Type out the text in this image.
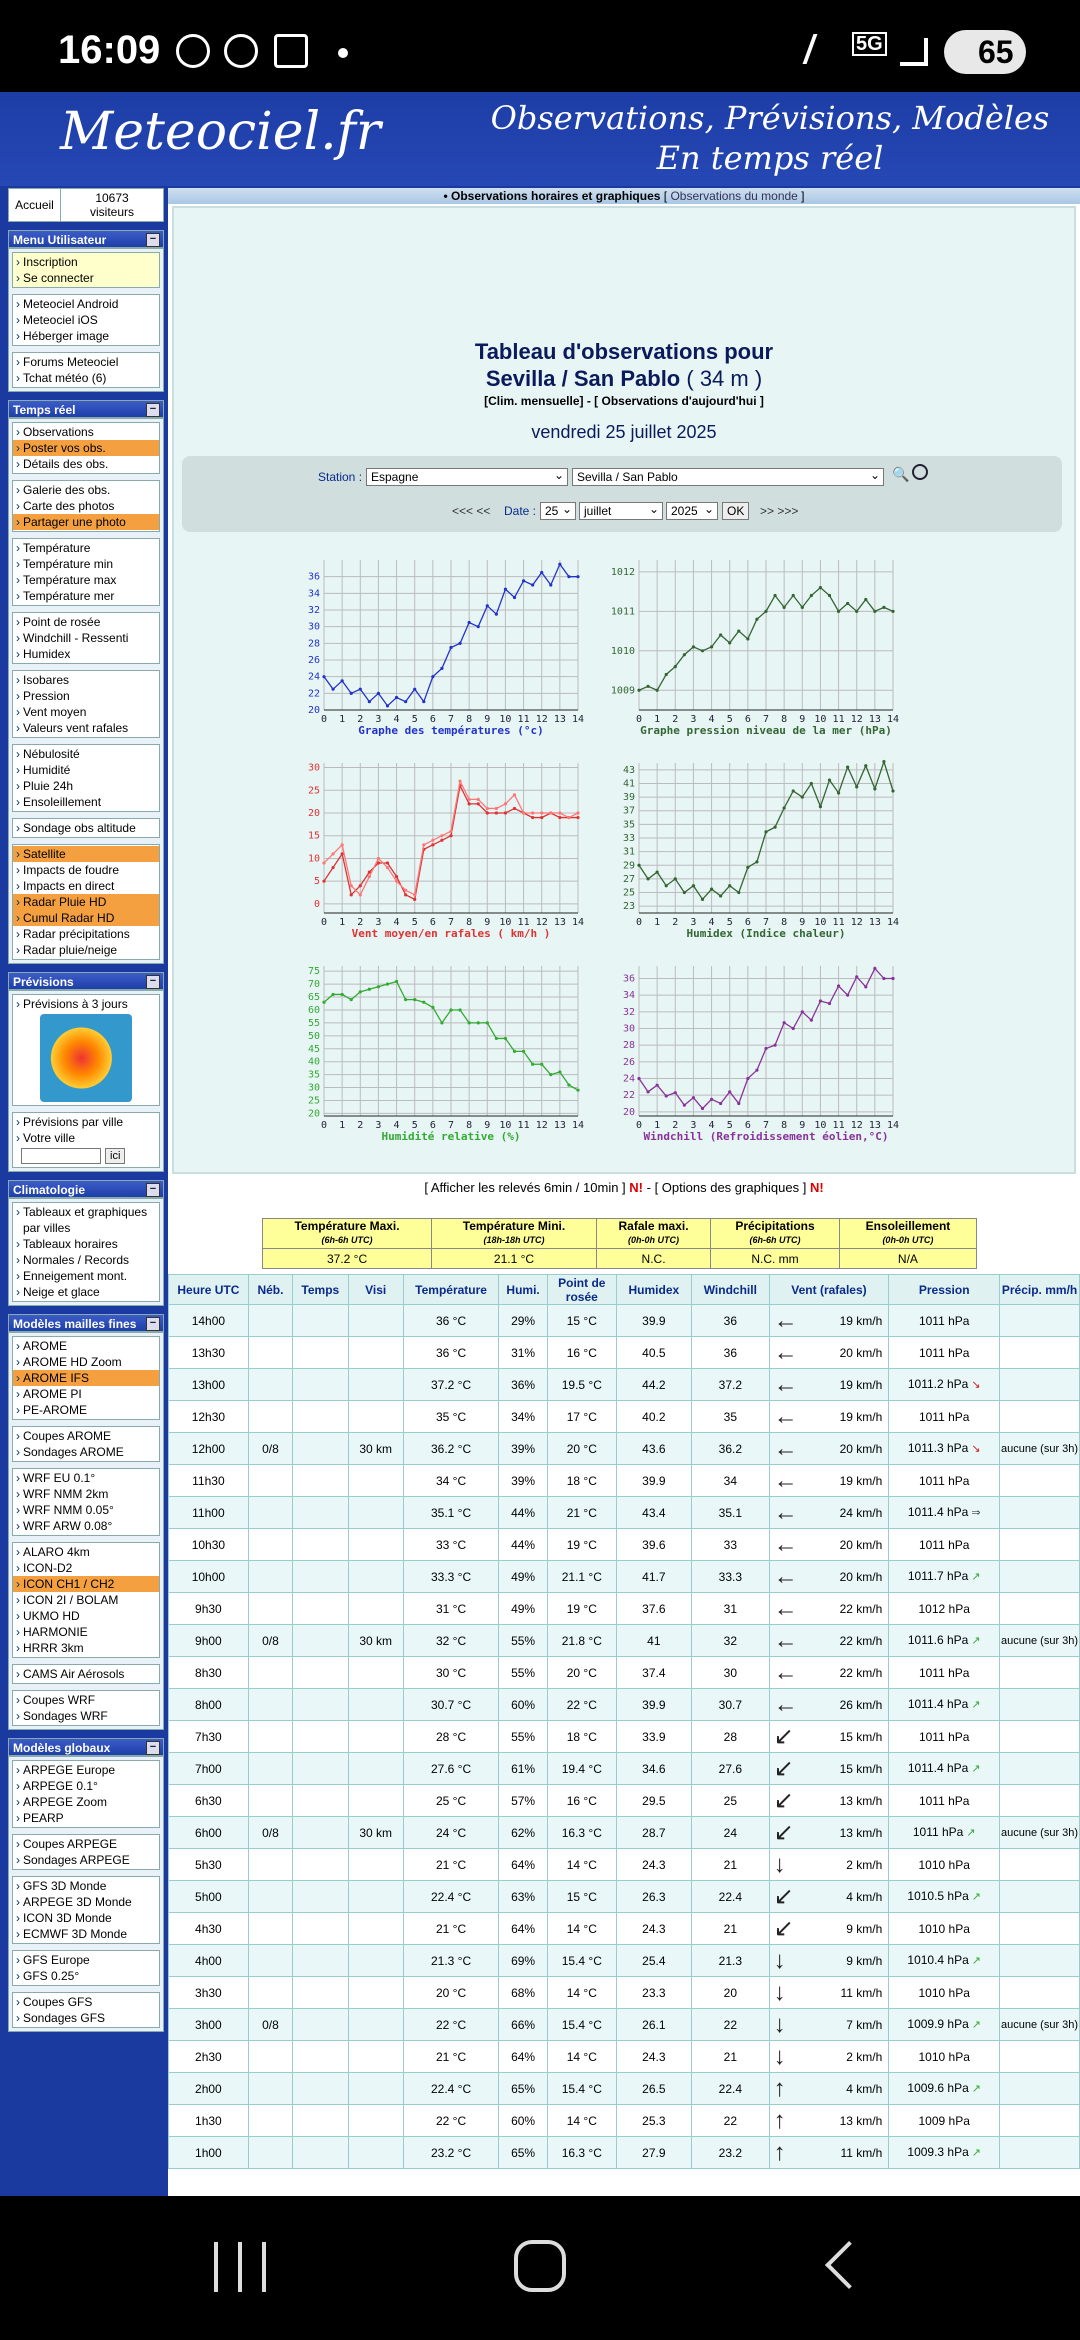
16:09	5G	65
Meteociel.fr	Observations, Prévisions, Modèles
En temps réel
Accueil	10673
visiteurs
Menu Utilisateur −
› Inscription
› Se connecter
› Meteociel Android
› Meteociel iOS
› Héberger image
› Forums Meteociel
› Tchat météo (6)
Temps réel −
› Observations
› Poster vos obs.
› Détails des obs.
› Galerie des obs.
› Carte des photos
› Partager une photo
› Température
› Température min
› Température max
› Température mer
› Point de rosée
› Windchill - Ressenti
› Humidex
› Isobares
› Pression
› Vent moyen
› Valeurs vent rafales
› Nébulosité
› Humidité
› Pluie 24h
› Ensoleillement
› Sondage obs altitude
› Satellite
› Impacts de foudre
› Impacts en direct
› Radar Pluie HD
› Cumul Radar HD
› Radar précipitations
› Radar pluie/neige
Prévisions −
› Prévisions à 3 jours
› Prévisions par ville
› Votre ville
ici
Climatologie −
› Tableaux et graphiques par villes
› Tableaux horaires
› Normales / Records
› Enneigement mont.
› Neige et glace
Modèles mailles fines −
› AROME
› AROME HD Zoom
› AROME IFS
› AROME PI
› PE-AROME
› Coupes AROME
› Sondages AROME
› WRF EU 0.1°
› WRF NMM 2km
› WRF NMM 0.05°
› WRF ARW 0.08°
› ALARO 4km
› ICON-D2
› ICON CH1 / CH2
› ICON 2I / BOLAM
› UKMO HD
› HARMONIE
› HRRR 3km
› CAMS Air Aérosols
› Coupes WRF
› Sondages WRF
Modèles globaux −
› ARPEGE Europe
› ARPEGE 0.1°
› ARPEGE Zoom
› PEARP
› Coupes ARPEGE
› Sondages ARPEGE
› GFS 3D Monde
› ARPEGE 3D Monde
› ICON 3D Monde
› ECMWF 3D Monde
› GFS Europe
› GFS 0.25°
› Coupes GFS
› Sondages GFS
• Observations horaires et graphiques [ Observations du monde ]
Tableau d'observations pour
Sevilla / San Pablo ( 34 m )
[Clim. mensuelle] - [ Observations d'aujourd'hui ]
vendredi 25 juillet 2025
Station : Espagne ⌄	Sevilla / San Pablo ⌄	🔍
<<< << Date : 25 ⌄	juillet ⌄	2025 ⌄	OK	>> >>>
0 1 2 3 4 5 6 7 8 9 10 11 12 13 14
20
22
24
26
28
30
32
34
36
Graphe des températures (°c)
0 1 2 3 4 5 6 7 8 9 10 11 12 13 14
1009
1010
1011
1012
Graphe pression niveau de la mer (hPa)
0 1 2 3 4 5 6 7 8 9 10 11 12 13 14
0
5
10
15
20
25
30
Vent moyen/en rafales ( km/h )
0 1 2 3 4 5 6 7 8 9 10 11 12 13 14
23
25
27
29
31
33
35
37
39
41
43
Humidex (Indice chaleur)
0 1 2 3 4 5 6 7 8 9 10 11 12 13 14
20
25
30
35
40
45
50
55
60
65
70
75
Humidité relative (%)
0 1 2 3 4 5 6 7 8 9 10 11 12 13 14
20
22
24
26
28
30
32
34
36
Windchill (Refroidissement éolien,°C)
[ Afficher les relevés 6min / 10min ] N! - [ Options des graphiques ] N!
Température Maxi.
(6h-6h UTC)	Température Mini.
(18h-18h UTC)	Rafale maxi.
(0h-0h UTC)	Précipitations
(6h-6h UTC)	Ensoleillement
(0h-0h UTC)
37.2 °C	21.1 °C	N.C.	N.C. mm	N/A
Heure UTC	Néb.	Temps	Visi	Température	Humi.	Point de rosée	Humidex	Windchill	Vent (rafales)	Pression	Précip. mm/h
14h00				36 °C	29%	15 °C	39.9	36	← 19 km/h	1011 hPa	
13h30				36 °C	31%	16 °C	40.5	36	← 20 km/h	1011 hPa	
13h00				37.2 °C	36%	19.5 °C	44.2	37.2	← 19 km/h	1011.2 hPa ↘	
12h30				35 °C	34%	17 °C	40.2	35	← 19 km/h	1011 hPa	
12h00	0/8		30 km	36.2 °C	39%	20 °C	43.6	36.2	← 20 km/h	1011.3 hPa ↘	aucune (sur 3h)
11h30				34 °C	39%	18 °C	39.9	34	← 19 km/h	1011 hPa	
11h00				35.1 °C	44%	21 °C	43.4	35.1	← 24 km/h	1011.4 hPa ⇒	
10h30				33 °C	44%	19 °C	39.6	33	← 20 km/h	1011 hPa	
10h00				33.3 °C	49%	21.1 °C	41.7	33.3	← 20 km/h	1011.7 hPa ↗	
9h30				31 °C	49%	19 °C	37.6	31	← 22 km/h	1012 hPa	
9h00	0/8		30 km	32 °C	55%	21.8 °C	41	32	← 22 km/h	1011.6 hPa ↗	aucune (sur 3h)
8h30				30 °C	55%	20 °C	37.4	30	← 22 km/h	1011 hPa	
8h00				30.7 °C	60%	22 °C	39.9	30.7	← 26 km/h	1011.4 hPa ↗	
7h30				28 °C	55%	18 °C	33.9	28	↙ 15 km/h	1011 hPa	
7h00				27.6 °C	61%	19.4 °C	34.6	27.6	↙ 15 km/h	1011.4 hPa ↗	
6h30				25 °C	57%	16 °C	29.5	25	↙ 13 km/h	1011 hPa	
6h00	0/8		30 km	24 °C	62%	16.3 °C	28.7	24	↙ 13 km/h	1011 hPa ↗	aucune (sur 3h)
5h30				21 °C	64%	14 °C	24.3	21	↓ 2 km/h	1010 hPa	
5h00				22.4 °C	63%	15 °C	26.3	22.4	↙ 4 km/h	1010.5 hPa ↗	
4h30				21 °C	64%	14 °C	24.3	21	↙ 9 km/h	1010 hPa	
4h00				21.3 °C	69%	15.4 °C	25.4	21.3	↓ 9 km/h	1010.4 hPa ↗	
3h30				20 °C	68%	14 °C	23.3	20	↓ 11 km/h	1010 hPa	
3h00	0/8			22 °C	66%	15.4 °C	26.1	22	↓ 7 km/h	1009.9 hPa ↗	aucune (sur 3h)
2h30				21 °C	64%	14 °C	24.3	21	↓ 2 km/h	1010 hPa	
2h00				22.4 °C	65%	15.4 °C	26.5	22.4	↑ 4 km/h	1009.6 hPa ↗	
1h30				22 °C	60%	14 °C	25.3	22	↑ 13 km/h	1009 hPa	
1h00				23.2 °C	65%	16.3 °C	27.9	23.2	↑ 11 km/h	1009.3 hPa ↗	
